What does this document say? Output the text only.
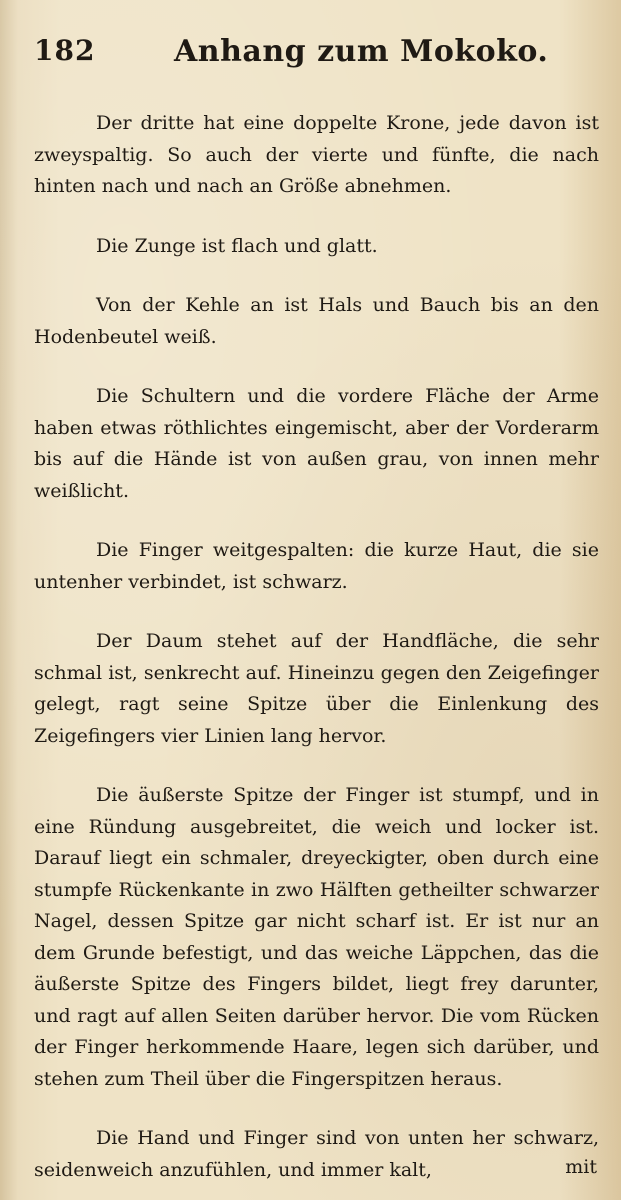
182	Anhang zum Mokoko.

Der dritte hat eine doppelte Krone, jede davon ist zweyspaltig. So auch der vierte und fünfte, die nach hinten nach und nach an Größe abnehmen.

Die Zunge ist flach und glatt.

Von der Kehle an ist Hals und Bauch bis an den Hodenbeutel weiß.

Die Schultern und die vordere Fläche der Arme haben etwas röthlichtes eingemischt, aber der Vorderarm bis auf die Hände ist von außen grau, von innen mehr weißlicht.

Die Finger weitgespalten: die kurze Haut, die sie untenher verbindet, ist schwarz.

Der Daum stehet auf der Handfläche, die sehr schmal ist, senkrecht auf. Hineinzu gegen den Zeigefinger gelegt, ragt seine Spitze über die Einlenkung des Zeigefingers vier Linien lang hervor.

Die äußerste Spitze der Finger ist stumpf, und in eine Ründung ausgebreitet, die weich und locker ist. Darauf liegt ein schmaler, dreyeckigter, oben durch eine stumpfe Rückenkante in zwo Hälften getheilter schwarzer Nagel, dessen Spitze gar nicht scharf ist. Er ist nur an dem Grunde befestigt, und das weiche Läppchen, das die äußerste Spitze des Fingers bildet, liegt frey darunter, und ragt auf allen Seiten darüber hervor. Die vom Rücken der Finger herkommende Haare, legen sich darüber, und stehen zum Theil über die Fingerspitzen heraus.

Die Hand und Finger sind von unten her schwarz, seidenweich anzufühlen, und immer kalt,	mit
